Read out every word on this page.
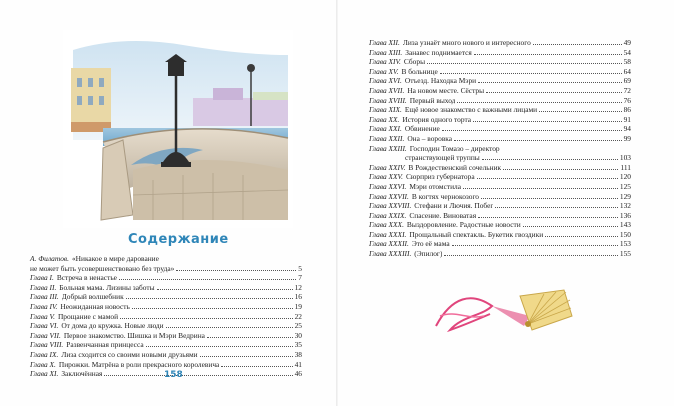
Содержание
А. Филатов. «Никакое в мире дарование
не может быть усовершенствовано без труда»	5
Глава I. Встреча в ненастье	7
Глава II. Больная мама. Лизины заботы	12
Глава III. Добрый волшебник	16
Глава IV. Неожиданная новость	19
Глава V. Прощание с мамой	22
Глава VI. От дома до кружка. Новые люди	25
Глава VII. Первое знакомство. Шишка и Мэри Ведрина	30
Глава VIII. Развенчанная принцесса	35
Глава IX. Лиза сходится со своими новыми друзьями	38
Глава X. Пирожки. Матрёна в роли прекрасного королевича	41
Глава XI. Заключённая	46
158
Глава XII. Лиза узнаёт много нового и интересного	49
Глава XIII. Занавес поднимается	54
Глава XIV. Сборы	58
Глава XV. В больнице	64
Глава XVI. Отъезд. Находка Мэри	69
Глава XVII. На новом месте. Сёстры	72
Глава XVIII. Первый выход	76
Глава XIX. Ещё новое знакомство с важными лицами	86
Глава XX. История одного торта	91
Глава XXI. Обвинение	94
Глава XXII. Она – воровка	99
Глава XXIII. Господин Томазо – директор
странствующей труппы	103
Глава XXIV. В Рождественский сочельник	111
Глава XXV. Сюрприз губернатора	120
Глава XXVI. Мэри отомстила	125
Глава XXVII. В когтях чернокозого	129
Глава XXVIII. Стефани и Лючия. Побег	132
Глава XXIX. Спасение. Виноватая	136
Глава XXX. Выздоровление. Радостные новости	143
Глава XXXI. Прощальный спектакль. Букетик гвоздики	150
Глава XXXII. Это её мама	153
Глава XXXIII. (Эпилог)	155
